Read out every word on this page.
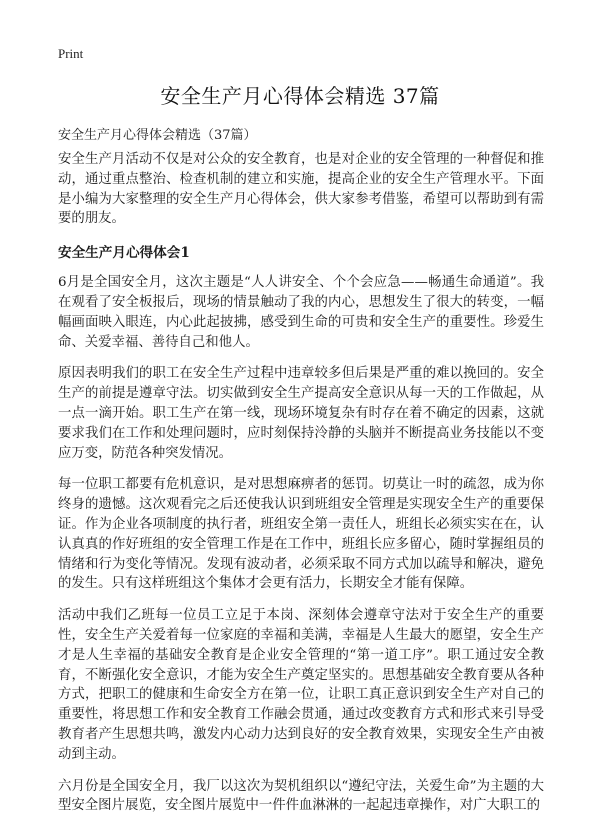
Print
安全生产月心得体会精选 37篇
安全生产月心得体会精选（37篇）

安全生产月活动不仅是对公众的安全教育，也是对企业的安全管理的一种督促和推动，通过重点整治、检查机制的建立和实施，提高企业的安全生产管理水平。下面是小编为大家整理的安全生产月心得体会，供大家参考借鉴，希望可以帮助到有需要的朋友。

安全生产月心得体会1

6月是全国安全月，这次主题是“人人讲安全、个个会应急——畅通生命通道”。我在观看了安全板报后，现场的情景触动了我的内心，思想发生了很大的转变，一幅幅画面映入眼连，内心此起披拂，感受到生命的可贵和安全生产的重要性。珍爱生命、关爱幸福、善待自己和他人。

原因表明我们的职工在安全生产过程中违章较多但后果是严重的难以挽回的。安全生产的前提是遵章守法。切实做到安全生产提高安全意识从每一天的工作做起，从一点一滴开始。职工生产在第一线，现场环境复杂有时存在着不确定的因素，这就要求我们在工作和处理问题时，应时刻保持泠静的头脑并不断提高业务技能以不变应万变，防范各种突发情况。

每一位职工都要有危机意识，是对思想麻痹者的惩罚。切莫让一时的疏忽，成为你终身的遗憾。这次观看完之后还使我认识到班组安全管理是实现安全生产的重要保证。作为企业各项制度的执行者，班组安全第一责任人，班组长必须实实在在，认认真真的作好班组的安全管理工作是在工作中，班组长应多留心，随时掌握组员的情绪和行为变化等情况。发现有波动者，必须采取不同方式加以疏导和解决，避免的发生。只有这样班组这个集体才会更有活力，长期安全才能有保障。

活动中我们乙班每一位员工立足于本岗、深刻体会遵章守法对于安全生产的重要性，安全生产关爱着每一位家庭的幸福和美满，幸福是人生最大的愿望，安全生产才是人生幸福的基础安全教育是企业安全管理的“第一道工序”。职工通过安全教育，不断强化安全意识，才能为安全生产奠定坚实的。思想基础安全教育要从各种方式，把职工的健康和生命安全方在第一位，让职工真正意识到安全生产对自己的重要性，将思想工作和安全教育工作融会贯通，通过改变教育方式和形式来引导受教育者产生思想共鸣，激发内心动力达到良好的安全教育效果，实现安全生产由被动到主动。

六月份是全国安全月，我厂以这次为契机组织以“遵纪守法，关爱生命”为主题的大型安全图片展览，安全图片展览中一件件血淋淋的一起起违章操作，对广大职工的
